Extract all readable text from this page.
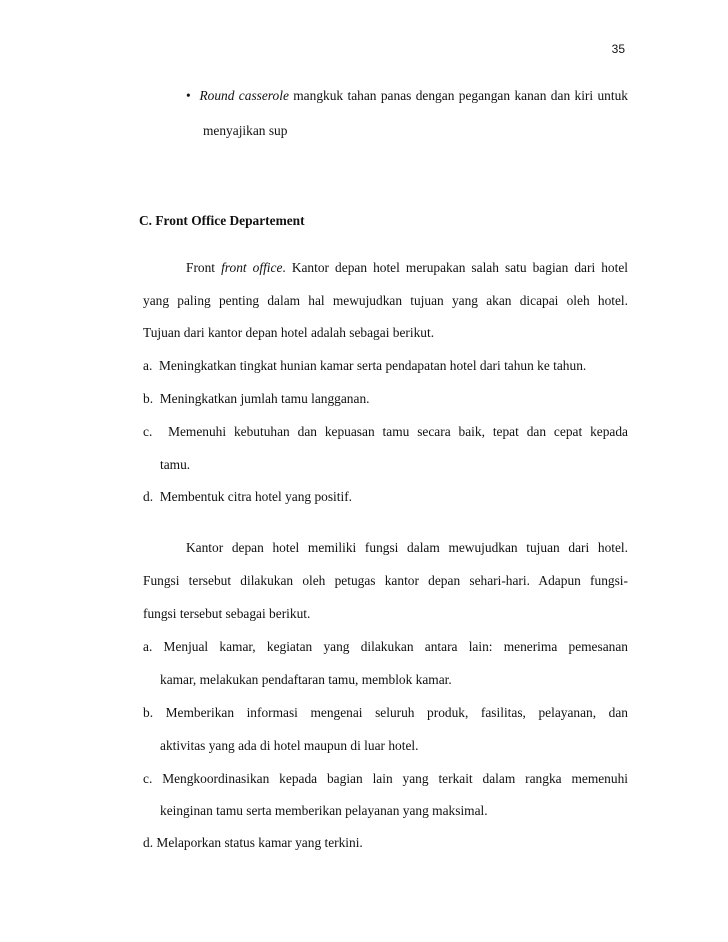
35
• Round casserole mangkuk tahan panas dengan pegangan kanan dan kiri untuk
menyajikan sup
C. Front Office Departement
Front front office. Kantor depan hotel merupakan salah satu bagian dari hotel
yang paling penting dalam hal mewujudkan tujuan yang akan dicapai oleh hotel.
Tujuan dari kantor depan hotel adalah sebagai berikut.
a. Meningkatkan tingkat hunian kamar serta pendapatan hotel dari tahun ke tahun.
b. Meningkatkan jumlah tamu langganan.
c.  Memenuhi kebutuhan dan kepuasan tamu secara baik, tepat dan cepat kepada
tamu.
d. Membentuk citra hotel yang positif.
Kantor depan hotel memiliki fungsi dalam mewujudkan tujuan dari hotel.
Fungsi tersebut dilakukan oleh petugas kantor depan sehari-hari. Adapun fungsi-
fungsi tersebut sebagai berikut.
a. Menjual kamar, kegiatan yang dilakukan antara lain: menerima pemesanan
kamar, melakukan pendaftaran tamu, memblok kamar.
b. Memberikan informasi mengenai seluruh produk, fasilitas, pelayanan, dan
aktivitas yang ada di hotel maupun di luar hotel.
c. Mengkoordinasikan kepada bagian lain yang terkait dalam rangka memenuhi
keinginan tamu serta memberikan pelayanan yang maksimal.
d. Melaporkan status kamar yang terkini.
